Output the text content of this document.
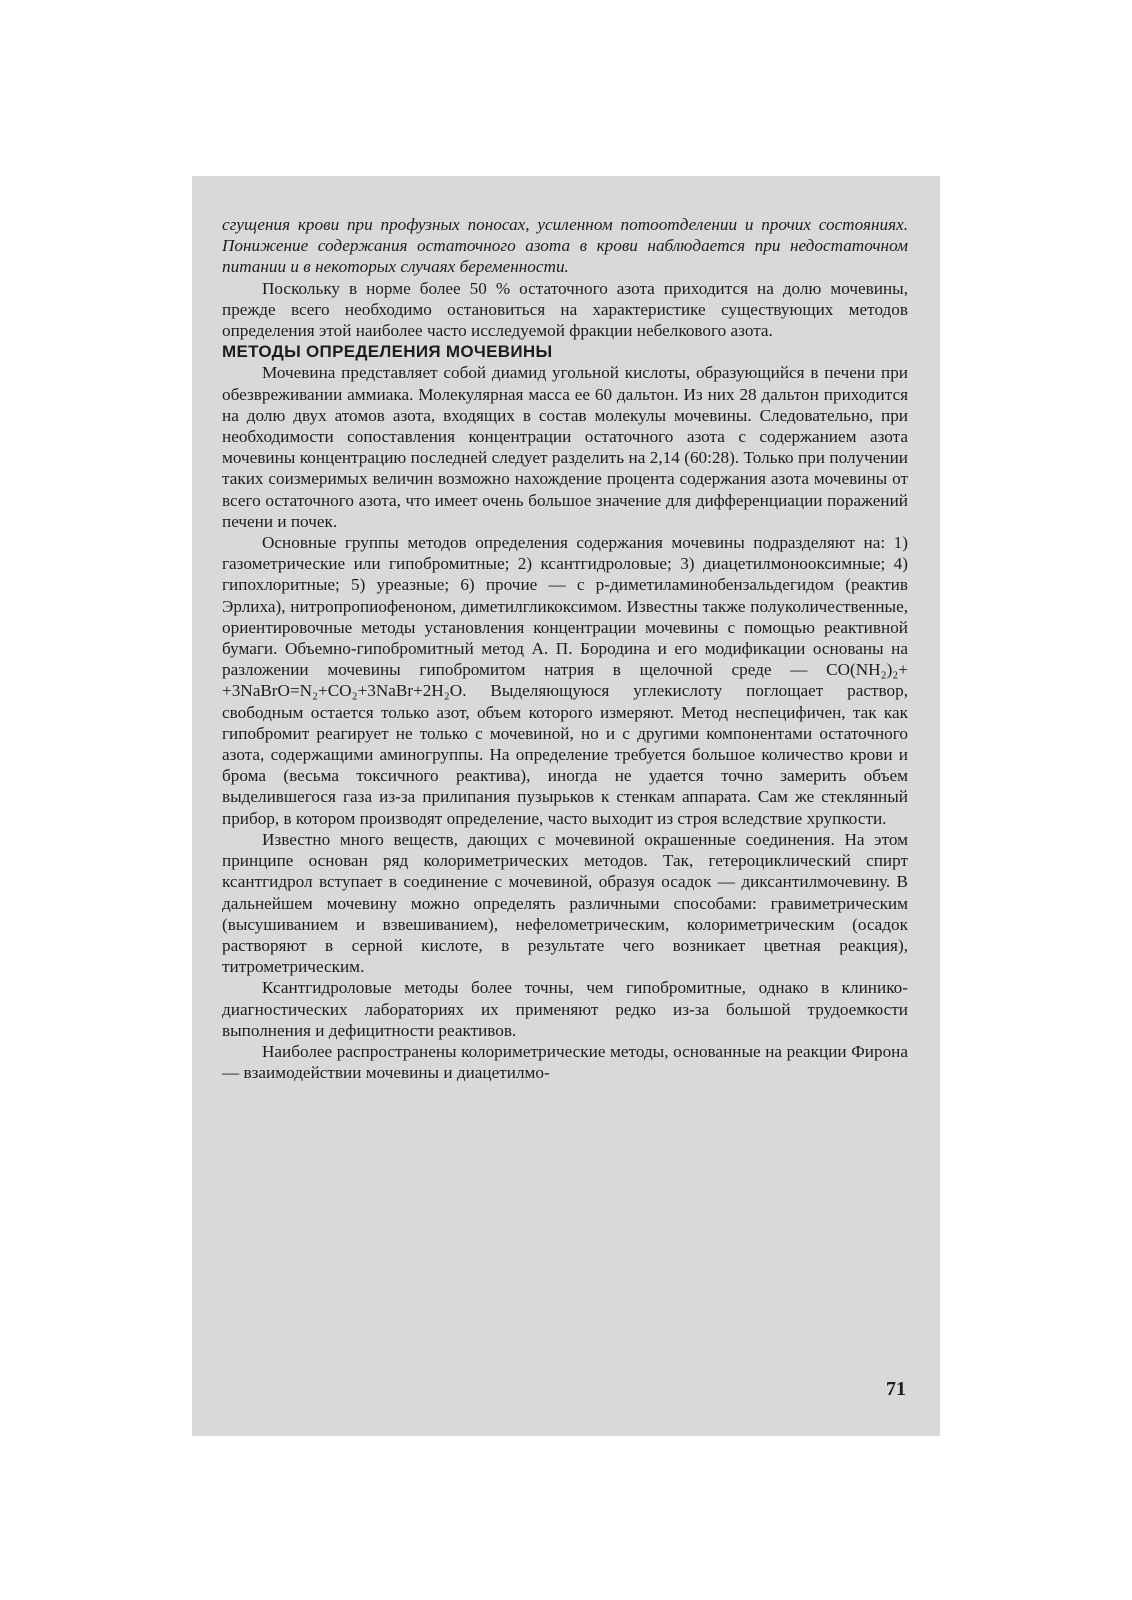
сгущения крови при профузных поносах, усиленном потоотделении и прочих состояниях. Понижение содержания остаточного азота в крови наблюдается при недостаточном питании и в некоторых случаях беременности.

Поскольку в норме более 50 % остаточного азота приходится на долю мочевины, прежде всего необходимо остановиться на характеристике существующих методов определения этой наиболее часто исследуемой фракции небелкового азота.

МЕТОДЫ ОПРЕДЕЛЕНИЯ МОЧЕВИНЫ

Мочевина представляет собой диамид угольной кислоты, образующийся в печени при обезвреживании аммиака. Молекулярная масса ее 60 дальтон. Из них 28 дальтон приходится на долю двух атомов азота, входящих в состав молекулы мочевины. Следовательно, при необходимости сопоставления концентрации остаточного азота с содержанием азота мочевины концентрацию последней следует разделить на 2,14 (60:28). Только при получении таких соизмеримых величин возможно нахождение процента содержания азота мочевины от всего остаточного азота, что имеет очень большое значение для дифференциации поражений печени и почек.

Основные группы методов определения содержания мочевины подразделяют на: 1) газометрические или гипобромитные; 2) ксантгидроловые; 3) диацетилмонооксимные; 4) гипохлоритные; 5) уреазные; 6) прочие — с р-диметиламинобензальдегидом (реактив Эрлиха), нитропропиофеноном, диметилгликоксимом. Известны также полуколичественные, ориентировочные методы установления концентрации мочевины с помощью реактивной бумаги. Объемно-гипобромитный метод А. П. Бородина и его модификации основаны на разложении мочевины гипобромитом натрия в щелочной среде — CO(NH₂)₂+ +3NaBrO=N₂+CO₂+3NaBr+2H₂O. Выделяющуюся углекислоту поглощает раствор, свободным остается только азот, объем которого измеряют. Метод неспецифичен, так как гипобромит реагирует не только с мочевиной, но и с другими компонентами остаточного азота, содержащими аминогруппы. На определение требуется большое количество крови и брома (весьма токсичного реактива), иногда не удается точно замерить объем выделившегося газа из-за прилипания пузырьков к стенкам аппарата. Сам же стеклянный прибор, в котором производят определение, часто выходит из строя вследствие хрупкости.

Известно много веществ, дающих с мочевиной окрашенные соединения. На этом принципе основан ряд колориметрических методов. Так, гетероциклический спирт ксантгидрол вступает в соединение с мочевиной, образуя осадок — диксантилмочевину. В дальнейшем мочевину можно определять различными способами: гравиметрическим (высушиванием и взвешиванием), нефелометрическим, колориметрическим (осадок растворяют в серной кислоте, в результате чего возникает цветная реакция), титрометрическим.

Ксантгидроловые методы более точны, чем гипобромитные, однако в клинико-диагностических лабораториях их применяют редко из-за большой трудоемкости выполнения и дефицитности реактивов.

Наиболее распространены колориметрические методы, основанные на реакции Фирона — взаимодействии мочевины и диацетилмо-

71
